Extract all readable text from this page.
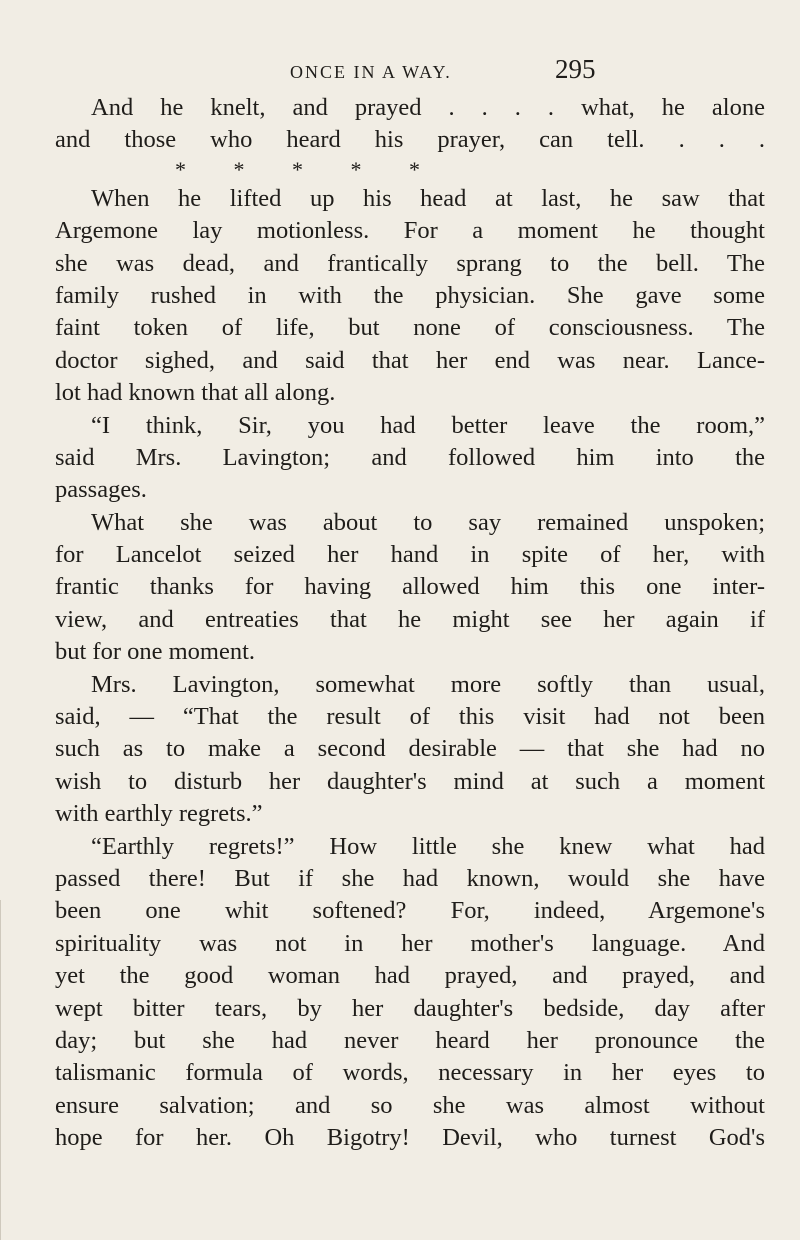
ONCE IN A WAY.	295
And he knelt, and prayed . . . . what, he alone
and those who heard his prayer, can tell. . . .
* * * * *
When he lifted up his head at last, he saw that
Argemone lay motionless. For a moment he thought
she was dead, and frantically sprang to the bell. The
family rushed in with the physician. She gave some
faint token of life, but none of consciousness. The
doctor sighed, and said that her end was near. Lance-
lot had known that all along.
“I think, Sir, you had better leave the room,”
said Mrs. Lavington; and followed him into the
passages.
What she was about to say remained unspoken;
for Lancelot seized her hand in spite of her, with
frantic thanks for having allowed him this one inter-
view, and entreaties that he might see her again if
but for one moment.
Mrs. Lavington, somewhat more softly than usual,
said, — “That the result of this visit had not been
such as to make a second desirable — that she had no
wish to disturb her daughter's mind at such a moment
with earthly regrets.”
“Earthly regrets!” How little she knew what had
passed there! But if she had known, would she have
been one whit softened? For, indeed, Argemone's
spirituality was not in her mother's language. And
yet the good woman had prayed, and prayed, and
wept bitter tears, by her daughter's bedside, day after
day; but she had never heard her pronounce the
talismanic formula of words, necessary in her eyes to
ensure salvation; and so she was almost without
hope for her. Oh Bigotry! Devil, who turnest God's
